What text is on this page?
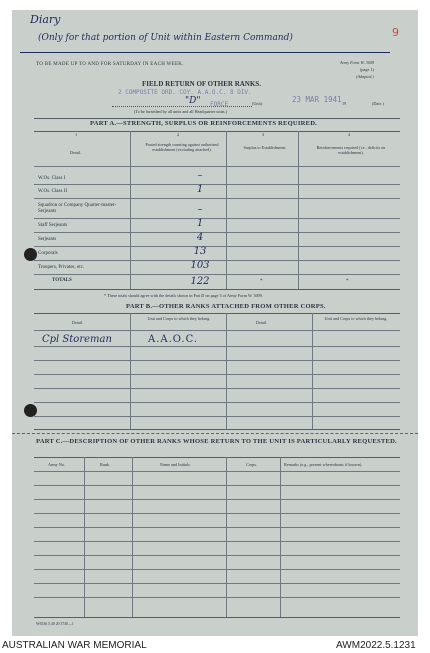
Diary
(Only for that portion of Unit within Eastern Command)	9
TO BE MADE UP TO AND FOR SATURDAY IN EACH WEEK.	Army Form W. 3009
(page 1)
(Adapted.)
FIELD RETURN OF OTHER RANKS.
2 COMPOSITE ORD. COY. A.A.O.C. 8 DIV.
"D" FORCE	(Unit)	23 MAR 1941 19	(Date.)
(To be furnished by all units and all Headquarter units.)
PART A.—STRENGTH, SURPLUS OR REINFORCEMENTS REQUIRED.
1	2	3	4
Detail.
Posted strength counting against authorized establishment (excluding attached).	Surplus to Establishment.	Reinforcements required (i.e., deficits on establishment).
W.Os. Class I	–
W.Os. Class II	1
Squadron or Company Quarter-master-Serjeants	–
Staff Serjeants	1
Serjeants	4
Corporals	13
Troopers, Privates, etc.	103
TOTALS	122	*	*
* These totals should agree with the details shown in Part D on page 3 of Army Form W. 3009.
PART B.—OTHER RANKS ATTACHED FROM OTHER CORPS.
Detail.
Unit and Corps to which they belong.
Detail.
Unit and Corps to which they belong.
Cpl Storeman	A.A.O.C.
PART C.—DESCRIPTION OF OTHER RANKS WHOSE RETURN TO THE UNIT IS PARTICULARLY REQUESTED.
Army No.	Rank.	Name and Initials.	Corps.	Remarks (e.g., present whereabouts if known).
W6536 5.40 20 3740—1
AUSTRALIAN WAR MEMORIAL	AWM2022.5.1231
